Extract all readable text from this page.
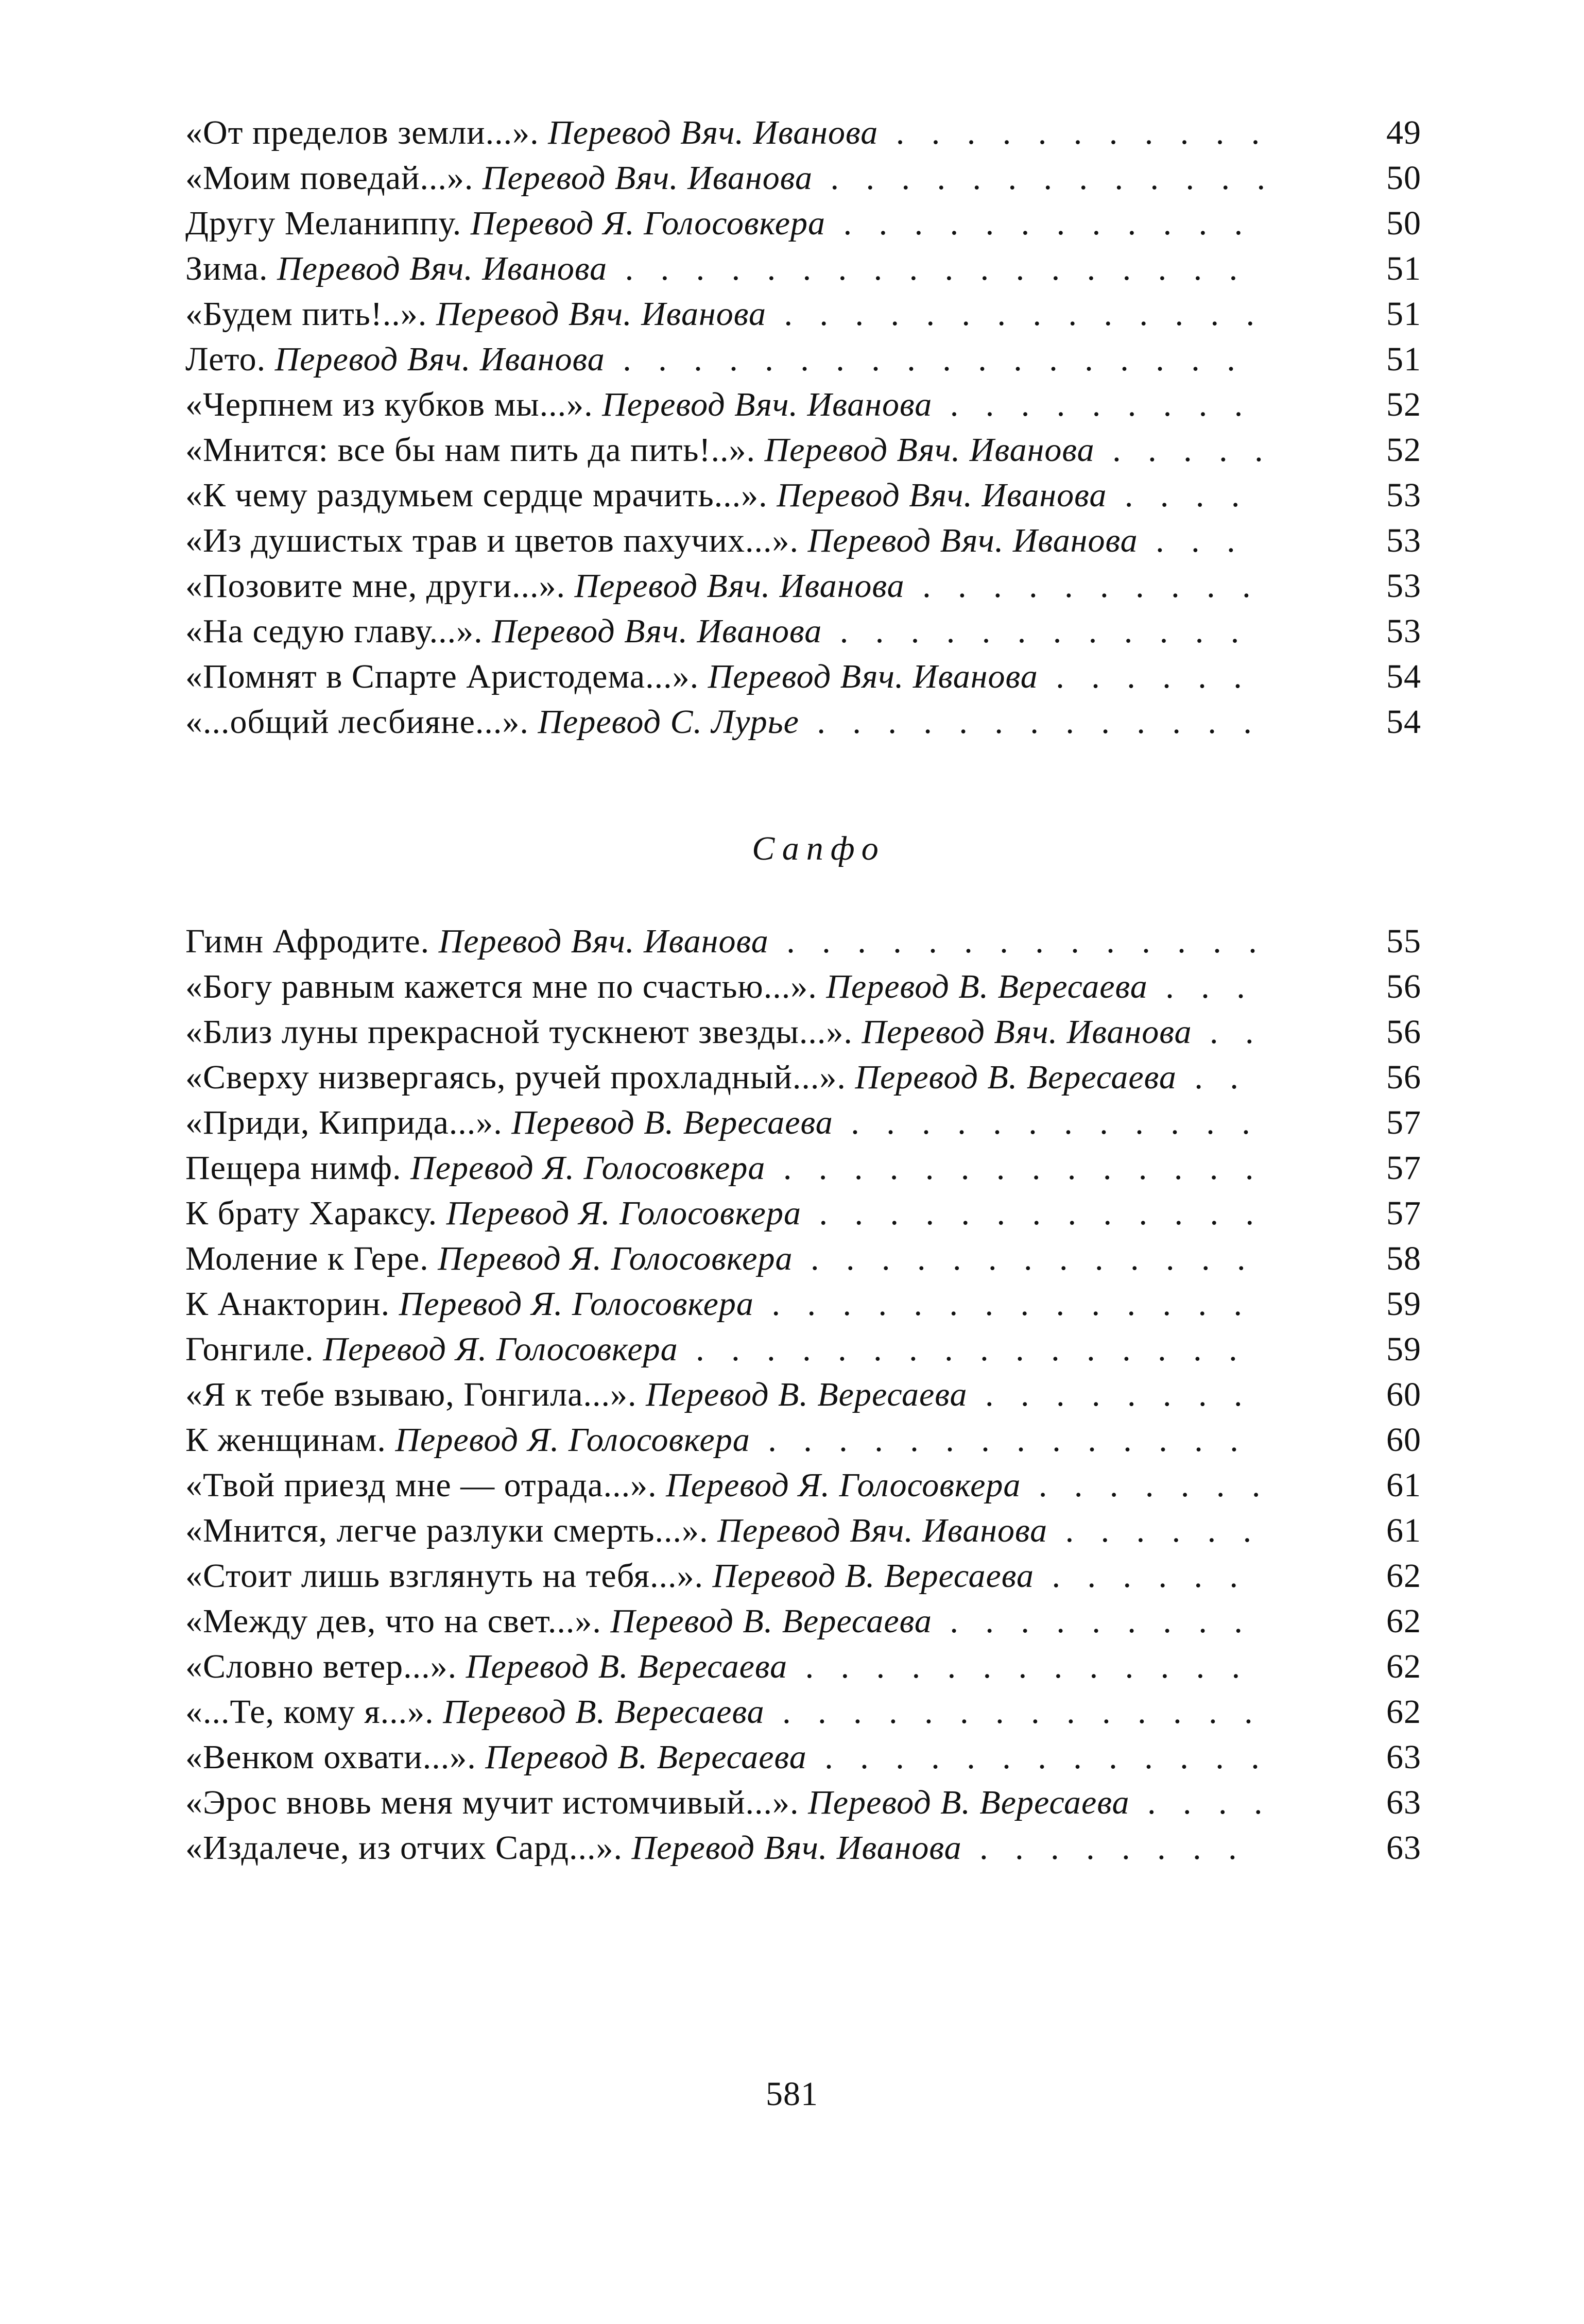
«От пределов земли...». Перевод Вяч. Иванова . . . . . . . . . . .	49
«Моим поведай...». Перевод Вяч. Иванова . . . . . . . . . . . . .	50
Другу Меланиппу. Перевод Я. Голосовкера . . . . . . . . . . . .	50
Зима. Перевод Вяч. Иванова . . . . . . . . . . . . . . . . . .	51
«Будем пить!..». Перевод Вяч. Иванова . . . . . . . . . . . . . .	51
Лето. Перевод Вяч. Иванова . . . . . . . . . . . . . . . . . .	51
«Черпнем из кубков мы...». Перевод Вяч. Иванова . . . . . . . . .	52
«Мнится: все бы нам пить да пить!..». Перевод Вяч. Иванова . . . . .	52
«К чему раздумьем сердце мрачить...». Перевод Вяч. Иванова . . . .	53
«Из душистых трав и цветов пахучих...». Перевод Вяч. Иванова . . .	53
«Позовите мне, други...». Перевод Вяч. Иванова . . . . . . . . . .	53
«На седую главу...». Перевод Вяч. Иванова . . . . . . . . . . . .	53
«Помнят в Спарте Аристодема...». Перевод Вяч. Иванова . . . . . .	54
«...общий лесбияне...». Перевод С. Лурье . . . . . . . . . . . . .	54
Сапфо
Гимн Афродите. Перевод Вяч. Иванова . . . . . . . . . . . . . .	55
«Богу равным кажется мне по счастью...». Перевод В. Вересаева . . .	56
«Близ луны прекрасной тускнеют звезды...». Перевод Вяч. Иванова . .	56
«Сверху низвергаясь, ручей прохладный...». Перевод В. Вересаева . .	56
«Приди, Киприда...». Перевод В. Вересаева . . . . . . . . . . . .	57
Пещера нимф. Перевод Я. Голосовкера . . . . . . . . . . . . . .	57
К брату Хараксу. Перевод Я. Голосовкера . . . . . . . . . . . . .	57
Моление к Гере. Перевод Я. Голосовкера . . . . . . . . . . . . .	58
К Анакторин. Перевод Я. Голосовкера . . . . . . . . . . . . . .	59
Гонгиле. Перевод Я. Голосовкера . . . . . . . . . . . . . . . .	59
«Я к тебе взываю, Гонгила...». Перевод В. Вересаева . . . . . . . .	60
К женщинам. Перевод Я. Голосовкера . . . . . . . . . . . . . .	60
«Твой приезд мне — отрада...». Перевод Я. Голосовкера . . . . . . .	61
«Мнится, легче разлуки смерть...». Перевод Вяч. Иванова . . . . . .	61
«Стоит лишь взглянуть на тебя...». Перевод В. Вересаева . . . . . .	62
«Между дев, что на свет...». Перевод В. Вересаева . . . . . . . . .	62
«Словно ветер...». Перевод В. Вересаева . . . . . . . . . . . . .	62
«...Те, кому я...». Перевод В. Вересаева . . . . . . . . . . . . . .	62
«Венком охвати...». Перевод В. Вересаева . . . . . . . . . . . . .	63
«Эрос вновь меня мучит истомчивый...». Перевод В. Вересаева . . . .	63
«Издалече, из отчих Сард...». Перевод Вяч. Иванова . . . . . . . .	63
581
